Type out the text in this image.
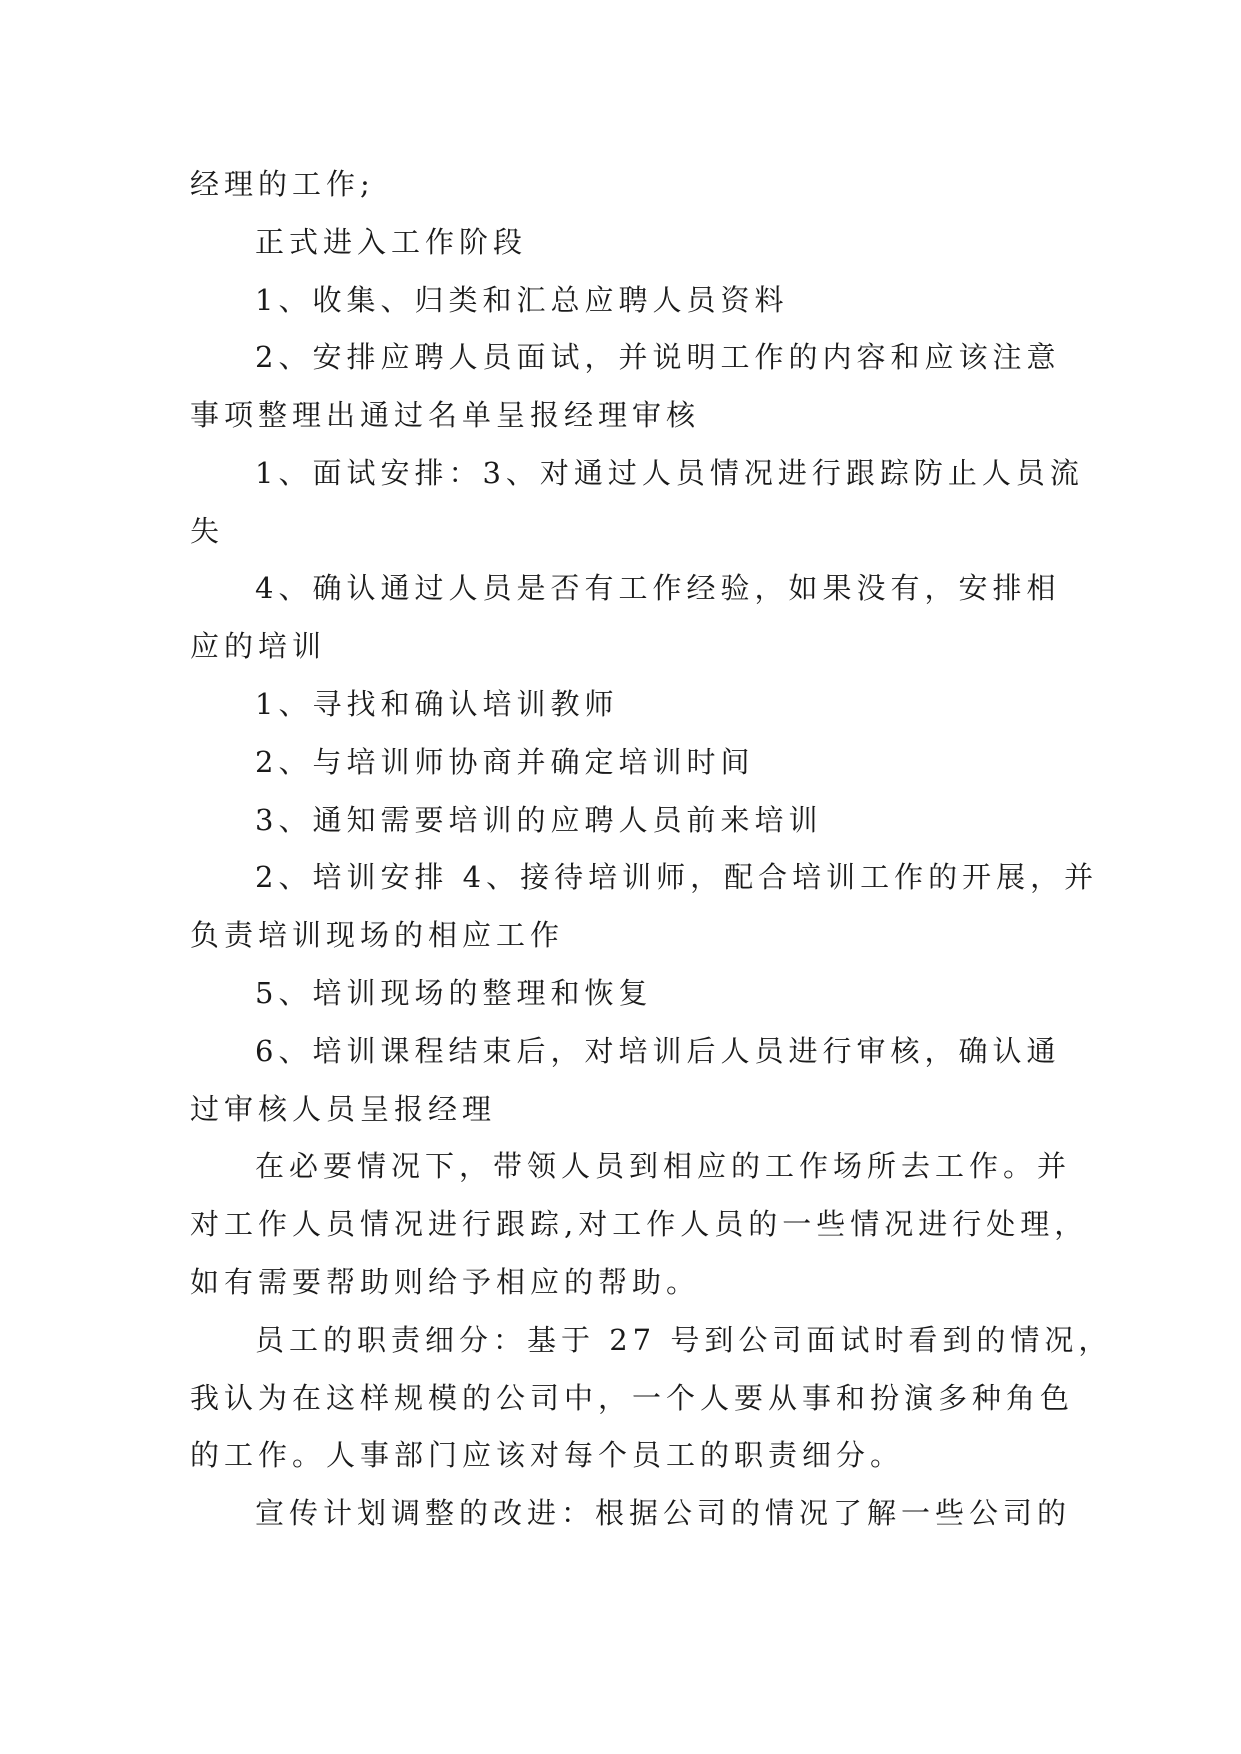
经理的工作;
正式进入工作阶段
1、收集、归类和汇总应聘人员资料
2、安排应聘人员面试，并说明工作的内容和应该注意
事项整理出通过名单呈报经理审核
1、面试安排：3、对通过人员情况进行跟踪防止人员流
失
4、确认通过人员是否有工作经验，如果没有，安排相
应的培训
1、寻找和确认培训教师
2、与培训师协商并确定培训时间
3、通知需要培训的应聘人员前来培训
2、培训安排 4、接待培训师，配合培训工作的开展，并
负责培训现场的相应工作
5、培训现场的整理和恢复
6、培训课程结束后，对培训后人员进行审核，确认通
过审核人员呈报经理
在必要情况下，带领人员到相应的工作场所去工作。并
对工作人员情况进行跟踪,对工作人员的一些情况进行处理，
如有需要帮助则给予相应的帮助。
员工的职责细分：基于 27 号到公司面试时看到的情况，
我认为在这样规模的公司中，一个人要从事和扮演多种角色
的工作。人事部门应该对每个员工的职责细分。
宣传计划调整的改进：根据公司的情况了解一些公司的
